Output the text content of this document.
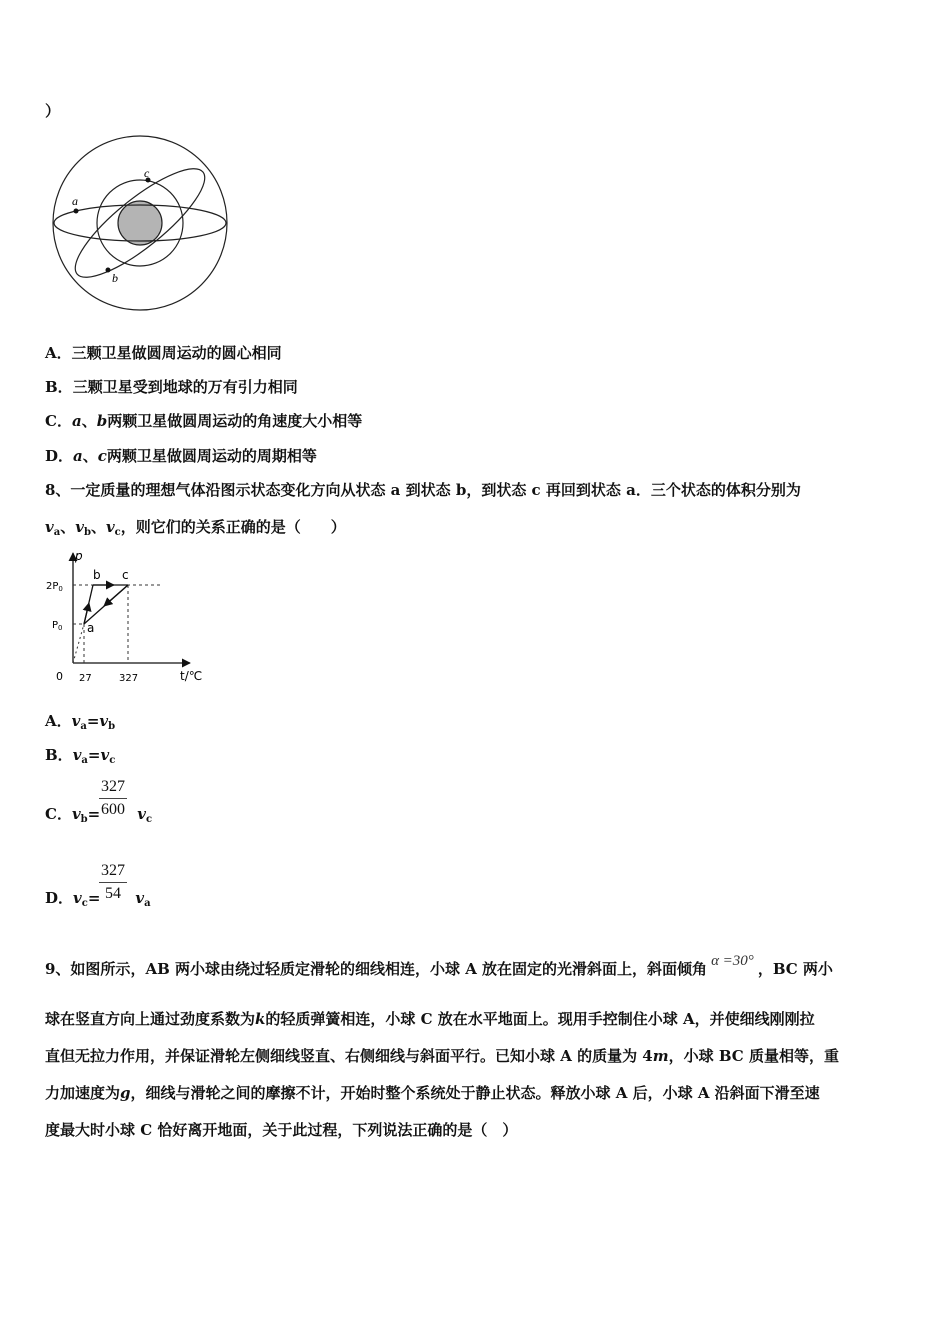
）
a
c
b
A．三颗卫星做圆周运动的圆心相同
B．三颗卫星受到地球的万有引力相同
C．a、b两颗卫星做圆周运动的角速度大小相等
D．a、c两颗卫星做圆周运动的周期相等
8、一定质量的理想气体沿图示状态变化方向从状态 a 到状态 b，到状态 c 再回到状态 a．三个状态的体积分别为
$v_a$、$v_b$、$v_c$，则它们的关系正确的是（　　）
p
t/℃
0
$2P_0$
$P_0$
27	327
a
b c
A．$v_a=v_b$
B．$v_a=v_c$
C．$v_b= v_c$
327
600
D．$v_c= v_a$
327
54
9、如图所示，AB 两小球由绕过轻质定滑轮的细线相连，小球 A 放在固定的光滑斜面上，斜面倾角 α =30° ，BC 两小
球在竖直方向上通过劲度系数为k的轻质弹簧相连，小球 C 放在水平地面上。现用手控制住小球 A，并使细线刚刚拉
直但无拉力作用，并保证滑轮左侧细线竖直、右侧细线与斜面平行。已知小球 A 的质量为 4m，小球 BC 质量相等，重
力加速度为g，细线与滑轮之间的摩擦不计，开始时整个系统处于静止状态。释放小球 A 后，小球 A 沿斜面下滑至速
度最大时小球 C 恰好离开地面，关于此过程，下列说法正确的是（　）
